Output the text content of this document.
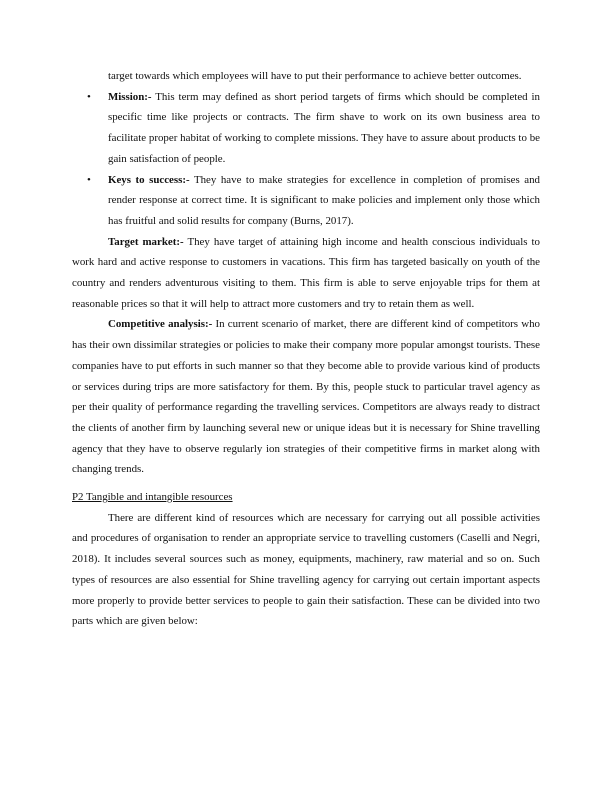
target towards which employees will have to put their performance to achieve better outcomes.

• Mission:- This term may defined as short period targets of firms which should be completed in specific time like projects or contracts. The firm shave to work on its own business area to facilitate proper habitat of working to complete missions. They have to assure about products to be gain satisfaction of people.
• Keys to success:- They have to make strategies for excellence in completion of promises and render response at correct time. It is significant to make policies and implement only those which has fruitful and solid results for company (Burns, 2017).

Target market:- They have target of attaining high income and health conscious individuals to work hard and active response to customers in vacations. This firm has targeted basically on youth of the country and renders adventurous visiting to them. This firm is able to serve enjoyable trips for them at reasonable prices so that it will help to attract more customers and try to retain them as well.

Competitive analysis:- In current scenario of market, there are different kind of competitors who has their own dissimilar strategies or policies to make their company more popular amongst tourists. These companies have to put efforts in such manner so that they become able to provide various kind of products or services during trips are more satisfactory for them. By this, people stuck to particular travel agency as per their quality of performance regarding the travelling services. Competitors are always ready to distract the clients of another firm by launching several new or unique ideas but it is necessary for Shine travelling agency that they have to observe regularly ion strategies of their competitive firms in market along with changing trends.

P2 Tangible and intangible resources

There are different kind of resources which are necessary for carrying out all possible activities and procedures of organisation to render an appropriate service to travelling customers (Caselli and Negri, 2018). It includes several sources such as money, equipments, machinery, raw material and so on. Such types of resources are also essential for Shine travelling agency for carrying out certain important aspects more properly to provide better services to people to gain their satisfaction. These can be divided into two parts which are given below:
